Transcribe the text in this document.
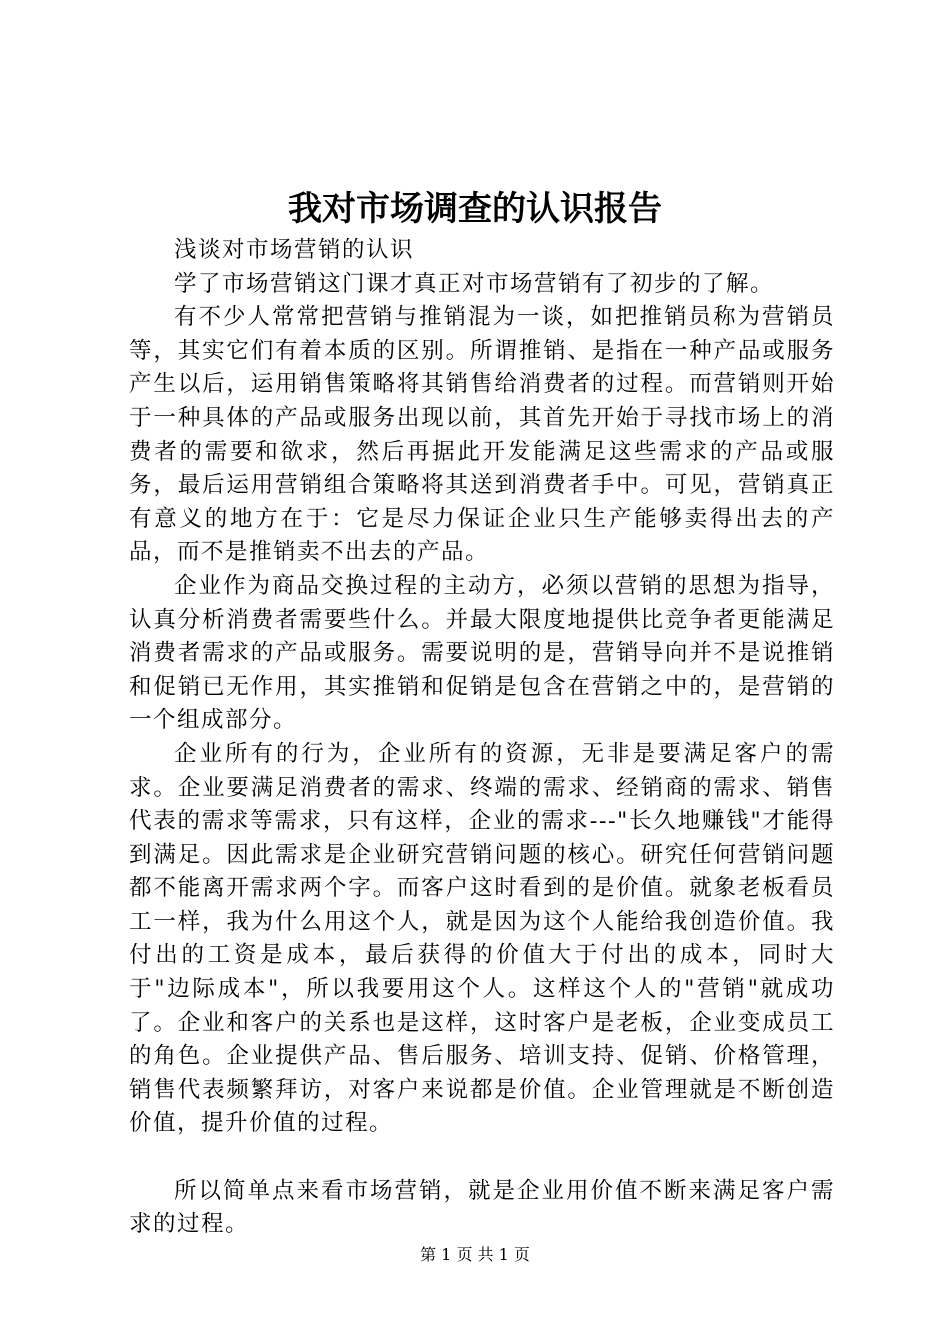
我对市场调查的认识报告

浅谈对市场营销的认识

学了市场营销这门课才真正对市场营销有了初步的了解。

有不少人常常把营销与推销混为一谈，如把推销员称为营销员等，其实它们有着本质的区别。所谓推销、是指在一种产品或服务产生以后，运用销售策略将其销售给消费者的过程。而营销则开始于一种具体的产品或服务出现以前，其首先开始于寻找市场上的消费者的需要和欲求，然后再据此开发能满足这些需求的产品或服务，最后运用营销组合策略将其送到消费者手中。可见，营销真正有意义的地方在于：它是尽力保证企业只生产能够卖得出去的产品，而不是推销卖不出去的产品。

企业作为商品交换过程的主动方，必须以营销的思想为指导，认真分析消费者需要些什么。并最大限度地提供比竞争者更能满足消费者需求的产品或服务。需要说明的是，营销导向并不是说推销和促销已无作用，其实推销和促销是包含在营销之中的，是营销的一个组成部分。

企业所有的行为，企业所有的资源，无非是要满足客户的需求。企业要满足消费者的需求、终端的需求、经销商的需求、销售代表的需求等需求，只有这样，企业的需求---"长久地赚钱"才能得到满足。因此需求是企业研究营销问题的核心。研究任何营销问题都不能离开需求两个字。而客户这时看到的是价值。就象老板看员工一样，我为什么用这个人，就是因为这个人能给我创造价值。我付出的工资是成本，最后获得的价值大于付出的成本，同时大于"边际成本"，所以我要用这个人。这样这个人的"营销"就成功了。企业和客户的关系也是这样，这时客户是老板，企业变成员工的角色。企业提供产品、售后服务、培训支持、促销、价格管理，销售代表频繁拜访，对客户来说都是价值。企业管理就是不断创造价值，提升价值的过程。

所以简单点来看市场营销，就是企业用价值不断来满足客户需求的过程。

第 1 页 共 1 页
